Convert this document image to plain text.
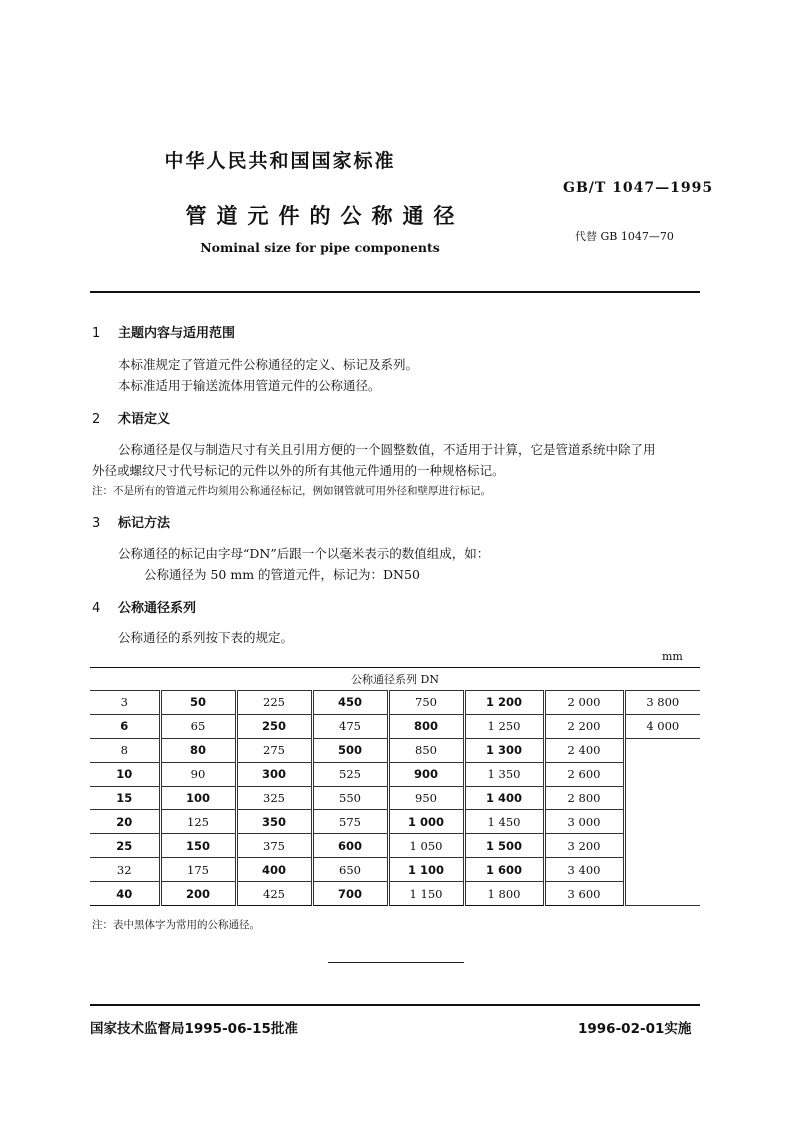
中华人民共和国国家标准
GB/T 1047—1995
管道元件的公称通径
代替 GB 1047—70
Nominal size for pipe components
1 主题内容与适用范围
本标准规定了管道元件公称通径的定义、标记及系列。
本标准适用于输送流体用管道元件的公称通径。
2 术语定义
公称通径是仅与制造尺寸有关且引用方便的一个圆整数值，不适用于计算，它是管道系统中除了用
外径或螺纹尺寸代号标记的元件以外的所有其他元件通用的一种规格标记。
注：不是所有的管道元件均须用公称通径标记，例如钢管就可用外径和壁厚进行标记。
3 标记方法
公称通径的标记由字母“DN”后跟一个以毫米表示的数值组成，如：
公称通径为 50 mm 的管道元件，标记为：DN50
4 公称通径系列
公称通径的系列按下表的规定。
mm
公称通径系列 DN							
3	50	225	450	750	1 200	2 000	3 800
6	65	250	475	800	1 250	2 200	4 000
8	80	275	500	850	1 300	2 400	
10	90	300	525	900	1 350	2 600	
15	100	325	550	950	1 400	2 800	
20	125	350	575	1 000	1 450	3 000	
25	150	375	600	1 050	1 500	3 200	
32	175	400	650	1 100	1 600	3 400	
40	200	425	700	1 150	1 800	3 600	
注：表中黑体字为常用的公称通径。
国家技术监督局1995-06-15批准	1996-02-01实施
